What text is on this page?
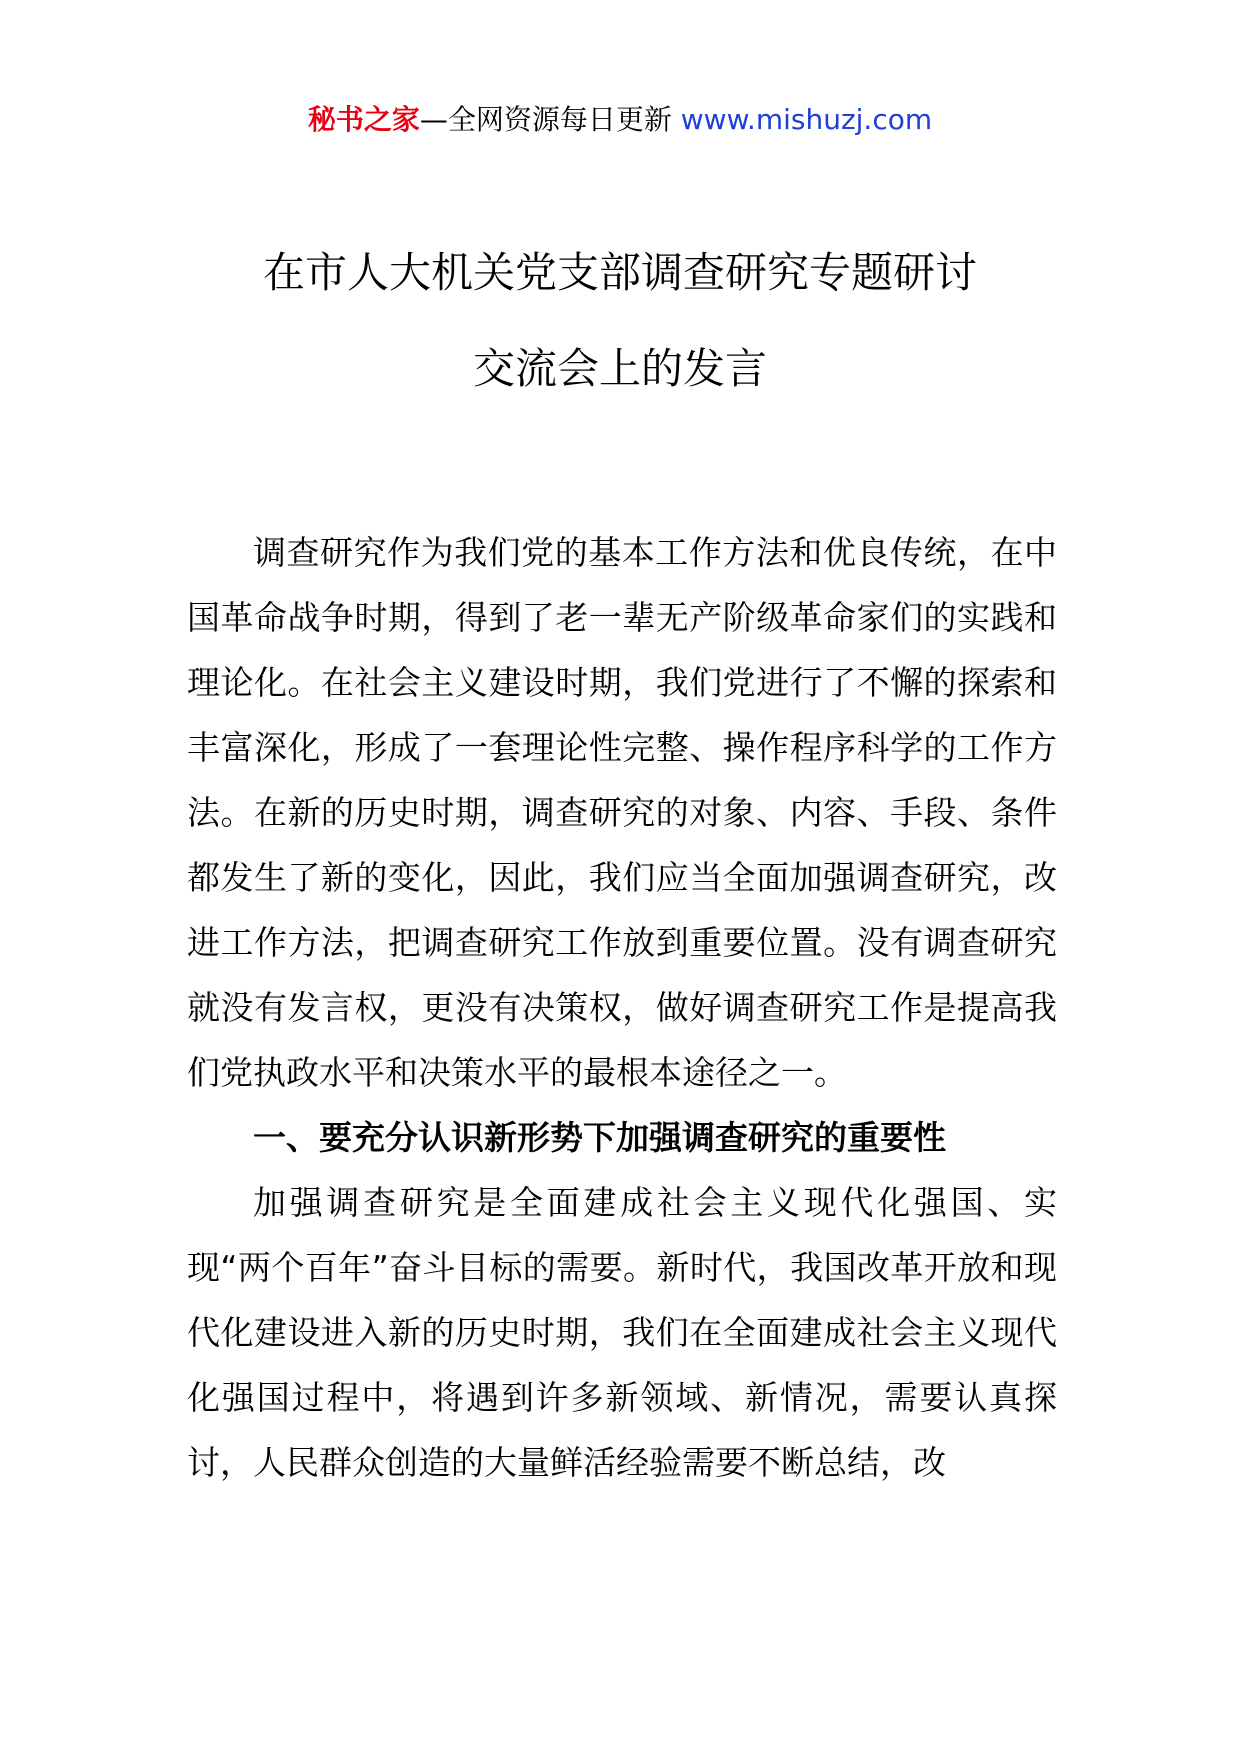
秘书之家—全网资源每日更新 www.mishuzj.com
在市人大机关党支部调查研究专题研讨
交流会上的发言

调查研究作为我们党的基本工作方法和优良传统，在中国革命战争时期，得到了老一辈无产阶级革命家们的实践和理论化。在社会主义建设时期，我们党进行了不懈的探索和丰富深化，形成了一套理论性完整、操作程序科学的工作方法。在新的历史时期，调查研究的对象、内容、手段、条件都发生了新的变化，因此，我们应当全面加强调查研究，改进工作方法，把调查研究工作放到重要位置。没有调查研究就没有发言权，更没有决策权，做好调查研究工作是提高我们党执政水平和决策水平的最根本途径之一。

一、要充分认识新形势下加强调查研究的重要性

加强调查研究是全面建成社会主义现代化强国、实现“两个百年”奋斗目标的需要。新时代，我国改革开放和现代化建设进入新的历史时期，我们在全面建成社会主义现代化强国过程中，将遇到许多新领域、新情况，需要认真探讨，人民群众创造的大量鲜活经验需要不断总结，改
